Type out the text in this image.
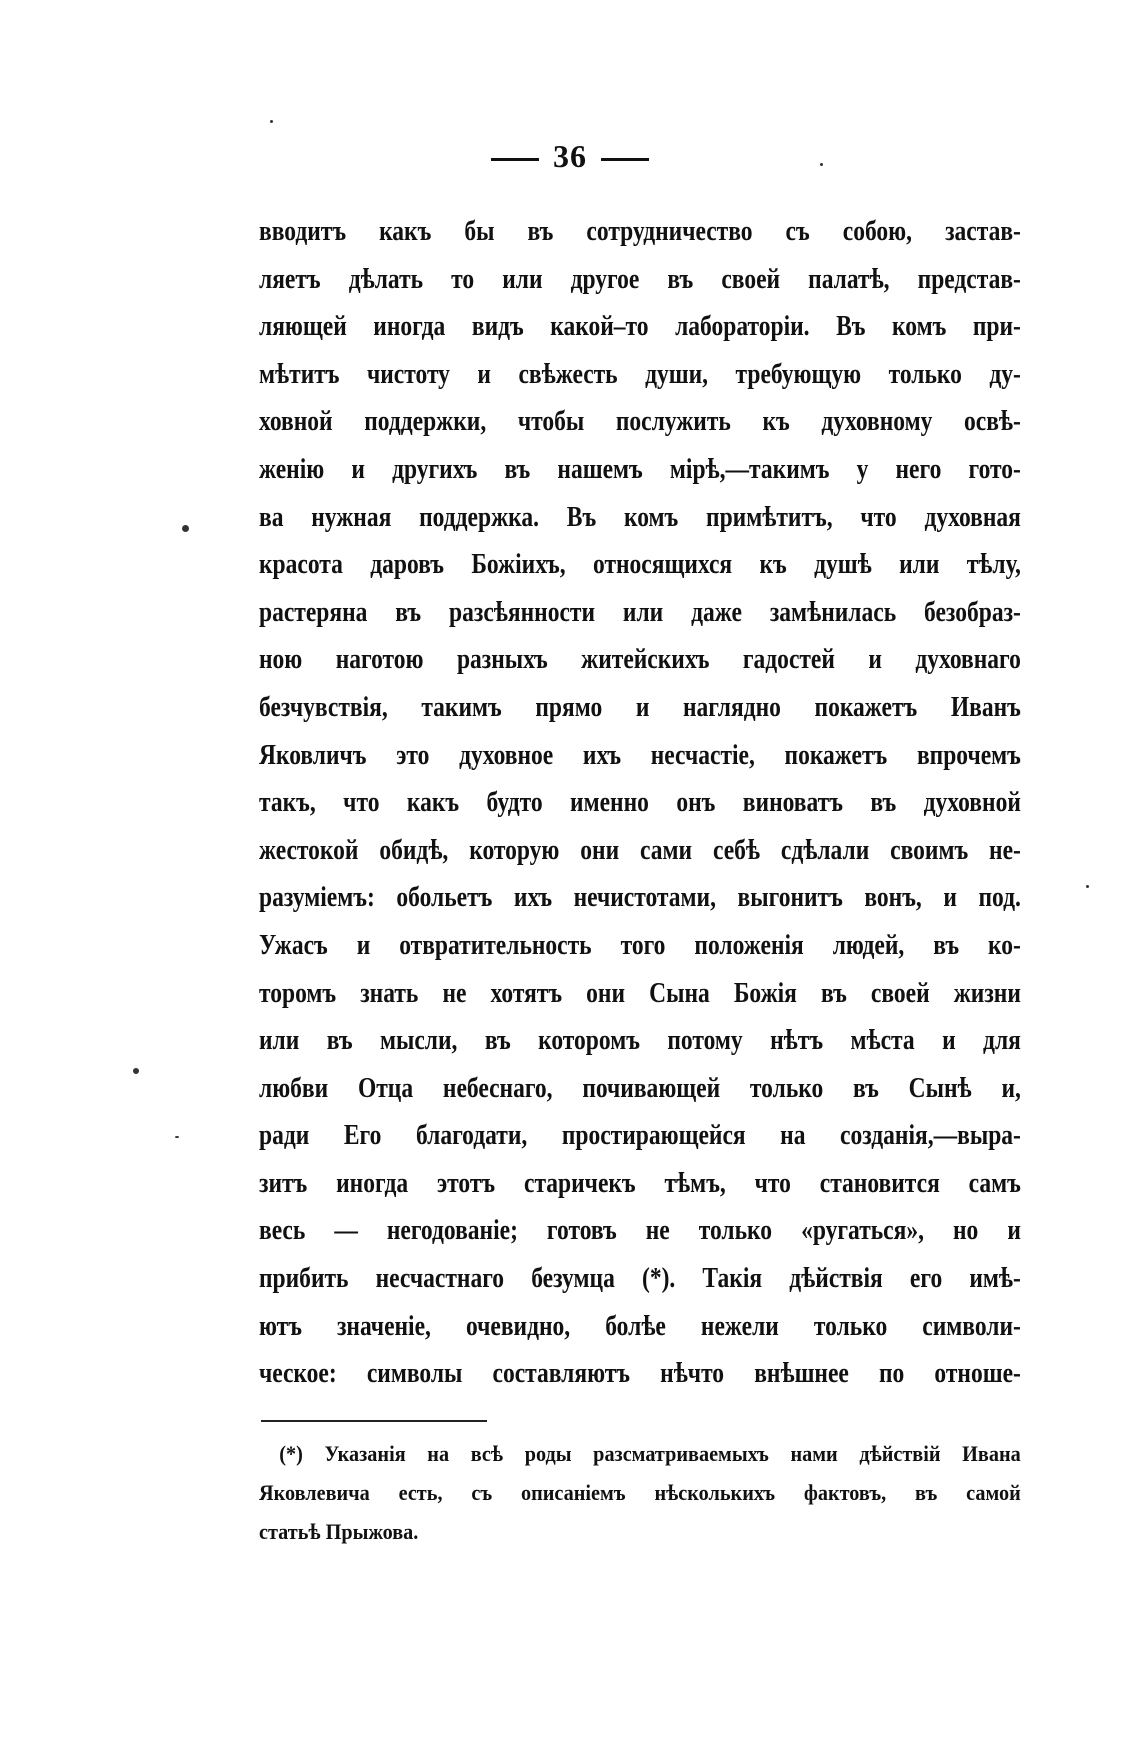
36
вводитъ какъ бы въ сотрудничество съ собою, застав-
ляетъ дѣлать то или другое въ своей палатѣ, представ-
ляющей иногда видъ какой–то лабораторіи. Въ комъ при-
мѣтитъ чистоту и свѣжесть души, требующую только ду-
ховной поддержки, чтобы послужить къ духовному освѣ-
женію и другихъ въ нашемъ мірѣ,—такимъ у него гото-
ва нужная поддержка. Въ комъ примѣтитъ, что духовная
красота даровъ Божіихъ, относящихся къ душѣ или тѣлу,
растеряна въ разсѣянности или даже замѣнилась безобраз-
ною наготою разныхъ житейскихъ гадостей и духовнаго
безчувствія, такимъ прямо и наглядно покажетъ Иванъ
Яковличъ это духовное ихъ несчастіе, покажетъ впрочемъ
такъ, что какъ будто именно онъ виноватъ въ духовной
жестокой обидѣ, которую они сами себѣ сдѣлали своимъ не-
разуміемъ: обольетъ ихъ нечистотами, выгонитъ вонъ, и под.
Ужасъ и отвратительность того положенія людей, въ ко-
торомъ знать не хотятъ они Сына Божія въ своей жизни
или въ мысли, въ которомъ потому нѣтъ мѣста и для
любви Отца небеснаго, почивающей только въ Сынѣ и,
ради Его благодати, простирающейся на созданія,—выра-
зитъ иногда этотъ старичекъ тѣмъ, что становится самъ
весь — негодованіе; готовъ не только «ругаться», но и
прибить несчастнаго безумца (*). Такія дѣйствія его имѣ-
ютъ значеніе, очевидно, болѣе нежели только символи-
ческое: символы составляютъ нѣчто внѣшнее по отноше-
(*) Указанія на всѣ роды разсматриваемыхъ нами дѣйствій Ивана
Яковлевича есть, съ описаніемъ нѣсколькихъ фактовъ, въ самой
статьѣ Прыжова.
